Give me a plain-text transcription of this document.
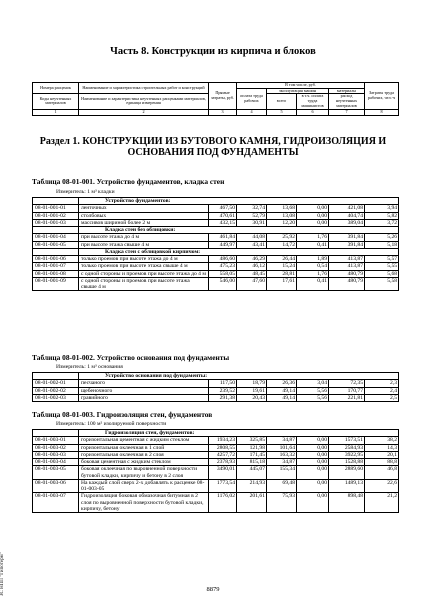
Часть 8. Конструкции из кирпича и блоков
Номера расценок	Наименование и характеристика строительных работ и конструкций	Прямые затраты, руб.	В том числе, руб.				Затраты труда рабочих, чел.-ч
			оплата труда рабочих	эксплуатация машин		материалы	
Коды неучтенных материалов	Наименование и характеристика неучтенных расценками материалов, единица измерения			всего	в т.ч. оплата труда машинистов	расход неучтенных материалов	

1	2	3	4	5	6	7	8
Раздел 1. КОНСТРУКЦИИ ИЗ БУТОВОГО КАМНЯ, ГИДРОИЗОЛЯЦИЯ И ОСНОВАНИЯ ПОД ФУНДАМЕНТЫ
Таблица 08-01-001. Устройство фундаментов, кладка стен
Измеритель: 1 м³ кладки
	Устройство фундаментов:						
08-01-001-01	ленточных	467,50	32,74	13,68	0,00	421,08	3,94
08-01-001-02	столбовых	470,61	52,79	13,08	0,00	404,74	5,82
08-01-001-03	массивов шириной более 2 м	432,15	30,91	12,20	0,00	389,04	3,72
	Кладка стен без облицовки:						
08-01-001-04	при высоте этажа до 4 м	461,84	44,08	25,92	1,76	391,84	5,26
08-01-001-05	при высоте этажа свыше 4 м	449,97	43,41	14,72	0,41	391,84	5,18
	Кладка стен с облицовкой кирпичом:						
08-01-001-06	только проемов при высоте этажа до 4 м	486,60	46,29	26,44	1,89	413,87	5,57
08-01-001-07	только проемов при высоте этажа свыше 4 м	475,23	46,12	15,24	0,54	413,87	5,55
08-01-001-08	с одной стороны и проемов при высоте этажа до 4 м	558,05	48,45	28,81	1,76	480,79	5,68
08-01-001-09	с одной стороны и проемов при высоте этажа свыше 4 м	546,00	47,60	17,61	0,41	480,79	5,58
Таблица 08-01-002. Устройство основания под фундаменты
Измеритель: 1 м³ основания
	Устройство основания под фундаменты:						
08-01-002-01	песчаного	117,50	18,79	26,36	3,04	72,35	2,3
08-01-002-02	щебеночного	239,52	19,61	49,14	5,56	170,77	2,4
08-01-002-03	гравийного	291,38	20,43	49,14	5,56	221,81	2,5
Таблица 08-01-003. Гидроизоляция стен, фундаментов
Измеритель: 100 м² изолируемой поверхности
	Гидроизоляция стен, фундаментов:						
08-01-003-01	горизонтальная цементная с жидким стеклом	1934,23	325,85	34,87	0,00	1573,51	38,2
08-01-003-02	горизонтальная оклеечная в 1 слой	2808,55	121,98	101,64	0,00	2584,93	14,3
08-01-003-03	горизонтальная оклеечная в 2 слоя	4257,72	171,45	163,32	0,00	3922,95	20,1
08-01-003-04	боковая цементная с жидким стеклом	2378,93	815,18	34,87	0,00	1528,88	88,8
08-01-003-05	боковая оклеечная по выровненной поверхности бутовой кладки, кирпичу и бетону в 2 слоя	3490,01	445,07	155,34	0,00	2889,60	46,8
08-01-003-06	На каждый слой сверх 2-х добавлять к расценке 08-01-003-05	1773,54	214,93	69,48	0,00	1489,13	22,6
08-01-003-07	Гидроизоляция боковая обмазочная битумная в 2 слоя по выровненной поверхности бутовой кладки, кирпичу, бетону	1176,02	201,61	75,93	0,00	898,48	21,2
ЗС НПП "Гипотерм"	8879
